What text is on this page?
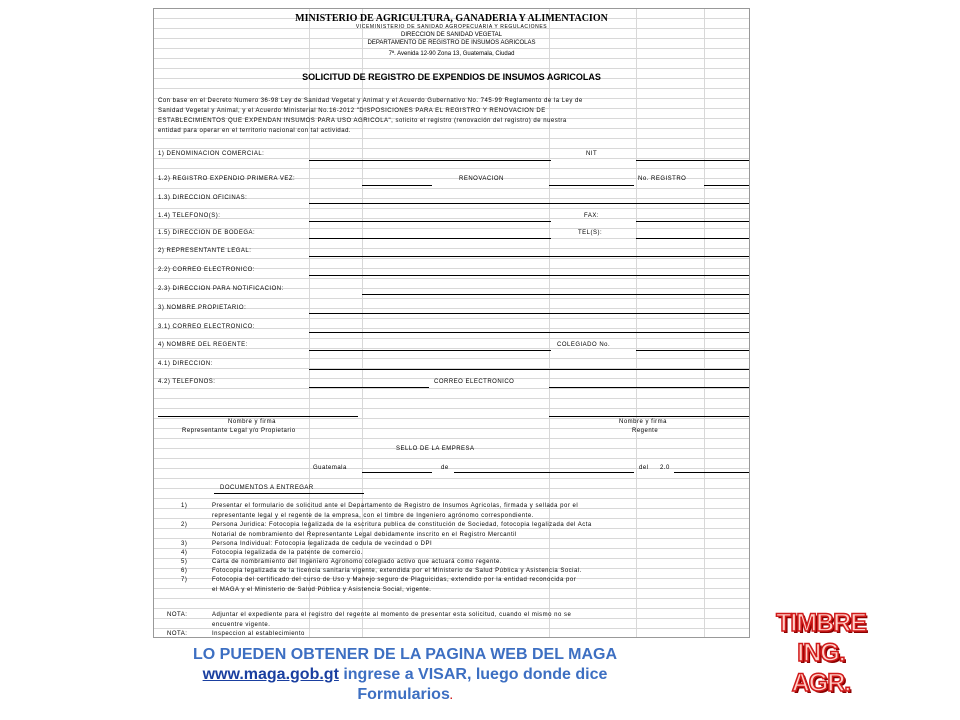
MINISTERIO DE AGRICULTURA, GANADERIA Y ALIMENTACION
VICEMINISTERIO DE SANIDAD AGROPECUARIA Y REGULACIONES
DIRECCION DE SANIDAD VEGETAL
DEPARTAMENTO DE REGISTRO DE INSUMOS AGRICOLAS
7ª. Avenida 12-90 Zona 13, Guatemala, Ciudad
SOLICITUD DE REGISTRO DE EXPENDIOS DE INSUMOS AGRICOLAS
Con base en el Decreto Numero 36-98 Ley de Sanidad Vegetal y Animal y el Acuerdo Gubernativo No. 745-99 Reglamento de la Ley de
Sanidad Vegetal y Animal, y el Acuerdo Ministerial No.16-2012 "DISPOSICIONES PARA EL REGISTRO Y RENOVACION DE
ESTABLECIMIENTOS QUE EXPENDAN INSUMOS PARA USO AGRICOLA", solicito el registro (renovación del registro) de nuestra
entidad para operar en el territorio nacional con tal actividad.
1) DENOMINACION COMERCIAL:	NIT
1.2) REGISTRO EXPENDIO PRIMERA VEZ:	RENOVACION	No. REGISTRO
1.3) DIRECCION OFICINAS:
1.4) TELEFONO(S):	FAX:
1.5) DIRECCION DE BODEGA:	TEL(S):
2) REPRESENTANTE LEGAL:
2.2) CORREO ELECTRONICO:
2.3) DIRECCION PARA NOTIFICACION:
3) NOMBRE PROPIETARIO:
3.1) CORREO ELECTRONICO:
4) NOMBRE DEL REGENTE:	COLEGIADO No.
4.1) DIRECCION:
4.2) TELEFONOS:	CORREO ELECTRONICO
Nombre y firma
Representante Legal y/o Propietario
Nombre y firma
Regente
SELLO DE LA EMPRESA
Guatemala	de	del 2.0
DOCUMENTOS A ENTREGAR
1)	Presentar el formulario de solicitud ante el Departamento de Registro de Insumos Agricolas, firmada y sellada por el
representante legal y el regente de la empresa, con el timbre de Ingeniero agrónomo correspondiente.
2)	Persona Juridica: Fotocopia legalizada de la escritura publica de constitución de Sociedad, fotocopia legalizada del Acta
Notarial de nombramiento del Representante Legal debidamente inscrito en el Registro Mercantil
3)	Persona Individual: Fotocopia legalizada de cedula de vecindad o DPI
4)	Fotocopia legalizada de la patente de comercio.
5)	Carta de nombramiento del Ingeniero Agronomo colegiado activo que actuará como regente.
6)	Fotocopia legalizada de la licencia sanitaria vigente, extendida por el Ministerio de Salud Pública y Asistencia Social.
7)	Fotocopia del certificado del curso de Uso y Manejo seguro de Plaguicidas, extendido por la entidad reconocida por
el MAGA y el Ministerio de Salud Pública y Asistencia Social, vigente.
NOTA:	Adjuntar el expediente para el registro del regente al momento de presentar esta solicitud, cuando el mismo no se
encuentre vigente.
NOTA:	Inspeccion al establecimiento
LO PUEDEN OBTENER DE LA PAGINA WEB DEL MAGA
www.maga.gob.gt ingrese a VISAR, luego donde dice
Formularios.
TIMBRE
ING.
AGR.
